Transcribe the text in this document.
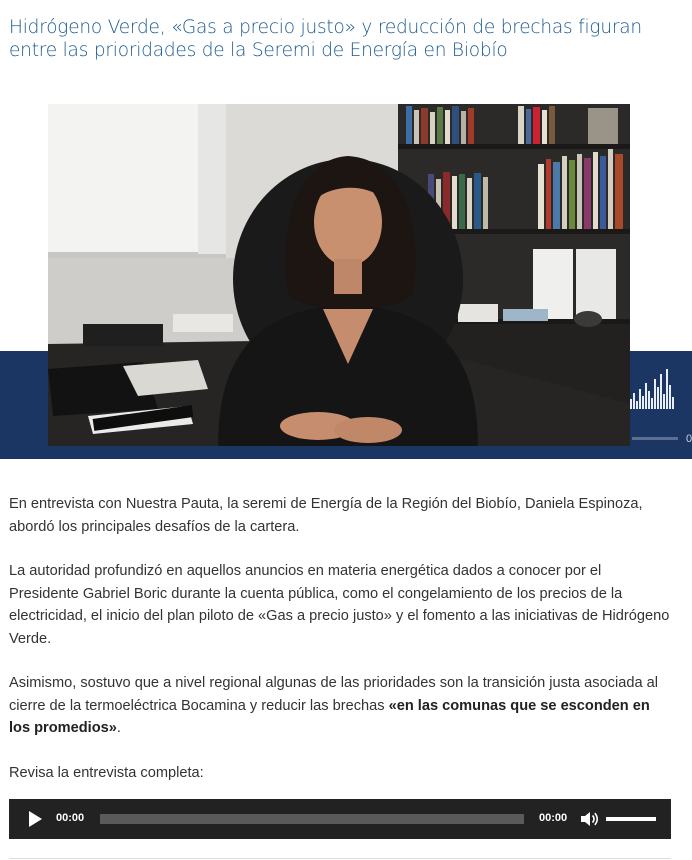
Hidrógeno Verde, «Gas a precio justo» y reducción de brechas figuran entre las prioridades de la Seremi de Energía en Biobío
0

En entrevista con Nuestra Pauta, la seremi de Energía de la Región del Biobío, Daniela Espinoza, abordó los principales desafíos de la cartera.

La autoridad profundizó en aquellos anuncios en materia energética dados a conocer por el Presidente Gabriel Boric durante la cuenta pública, como el congelamiento de los precios de la electricidad, el inicio del plan piloto de «Gas a precio justo» y el fomento a las iniciativas de Hidrógeno Verde.

Asimismo, sostuvo que a nivel regional algunas de las prioridades son la transición justa asociada al cierre de la termoeléctrica Bocamina y reducir las brechas «en las comunas que se esconden en los promedios».

Revisa la entrevista completa:

00:00	00:00
